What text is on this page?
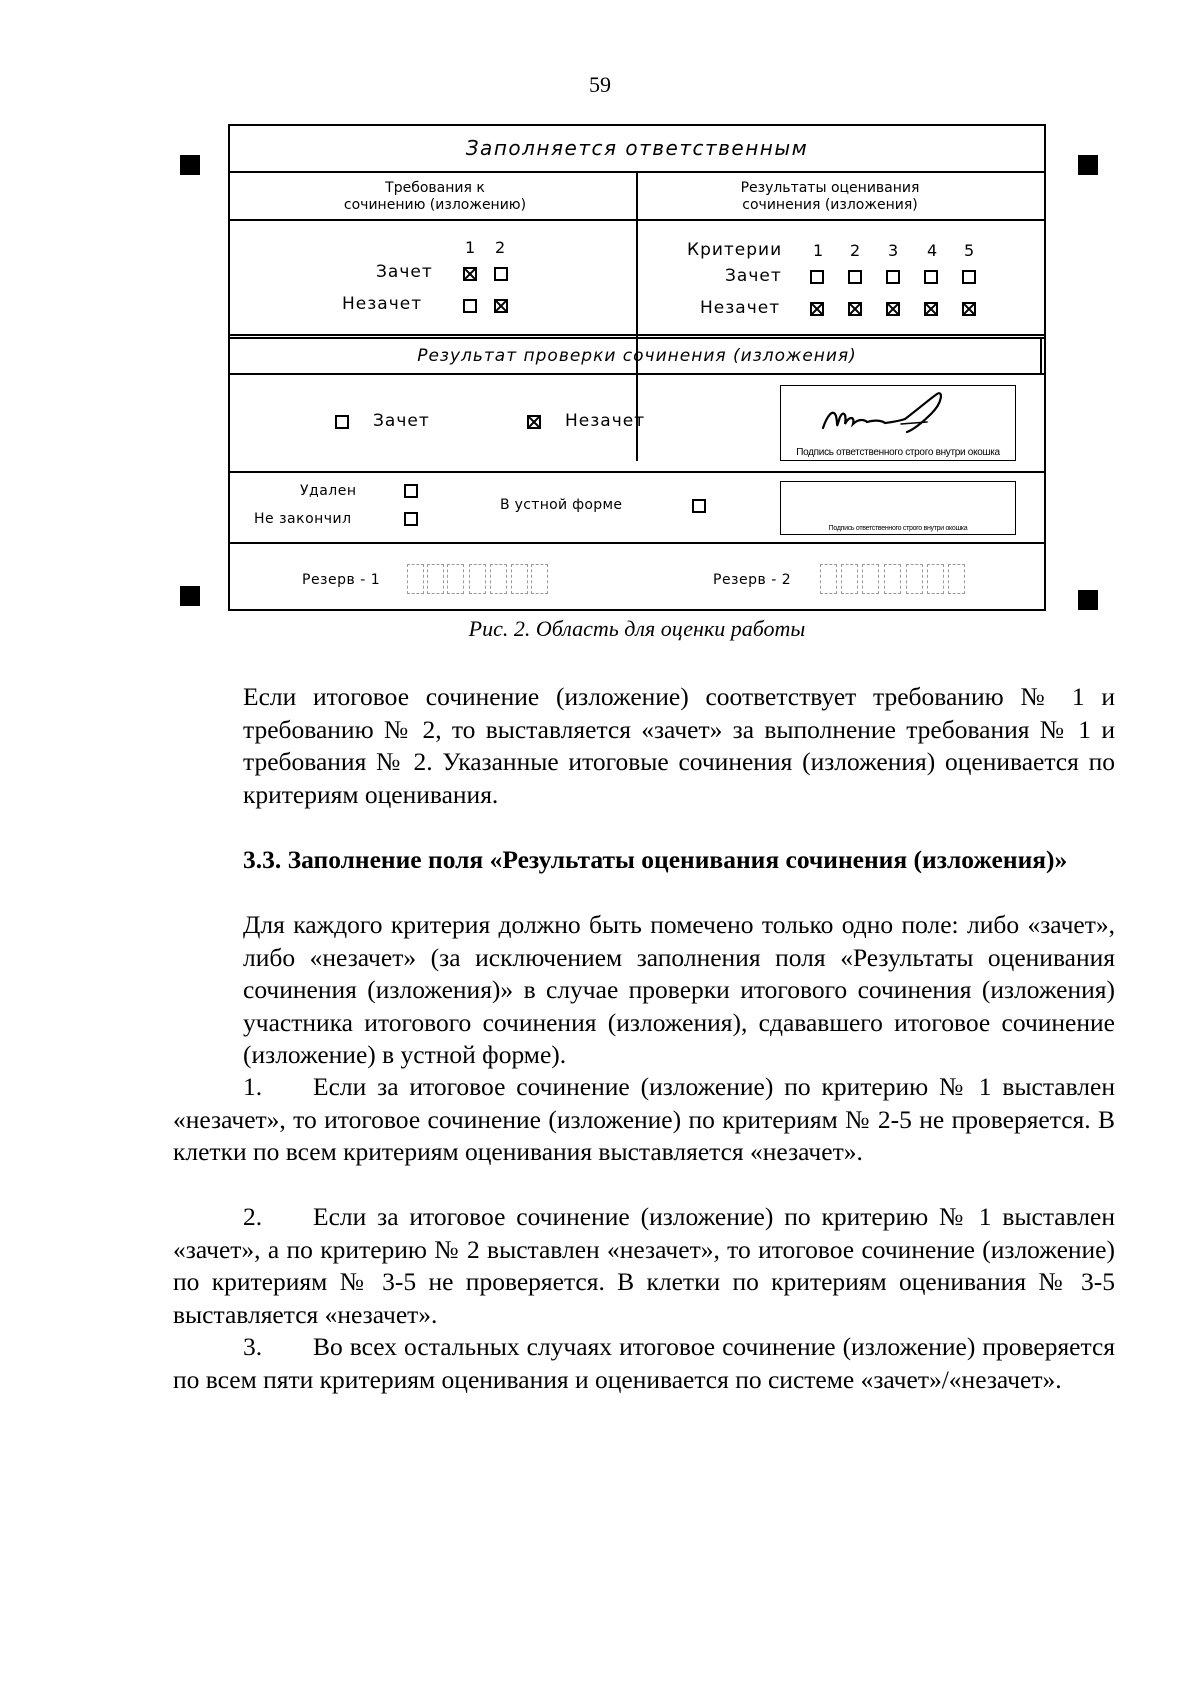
59
Заполняется ответственным
Требования к
сочинению (изложению)
Результаты оценивания
сочинения (изложения)
1 2
Зачет
Незачет
Критерии 1 2 3 4 5
Зачет
Незачет
Результат проверки сочинения (изложения)
Зачет	Незачет
Подпись ответственного строго внутри окошка
Удален
Не закончил
В устной форме
Подпись ответственного строго внутри окошка
Резерв - 1	Резерв - 2
Рис. 2. Область для оценки работы
Если итоговое сочинение (изложение) соответствует требованию № 1 и требованию № 2, то выставляется «зачет» за выполнение требования № 1 и требования № 2. Указанные итоговые сочинения (изложения) оценивается по критериям оценивания.
3.3. Заполнение поля «Результаты оценивания сочинения (изложения)»
Для каждого критерия должно быть помечено только одно поле: либо «зачет», либо «незачет» (за исключением заполнения поля «Результаты оценивания сочинения (изложения)» в случае проверки итогового сочинения (изложения) участника итогового сочинения (изложения), сдававшего итоговое сочинение (изложение) в устной форме).
1. Если за итоговое сочинение (изложение) по критерию № 1 выставлен «незачет», то итоговое сочинение (изложение) по критериям № 2-5 не проверяется. В клетки по всем критериям оценивания выставляется «незачет».
2. Если за итоговое сочинение (изложение) по критерию № 1 выставлен «зачет», а по критерию № 2 выставлен «незачет», то итоговое сочинение (изложение) по критериям № 3-5 не проверяется. В клетки по критериям оценивания № 3-5 выставляется «незачет».
3. Во всех остальных случаях итоговое сочинение (изложение) проверяется по всем пяти критериям оценивания и оценивается по системе «зачет»/«незачет».
